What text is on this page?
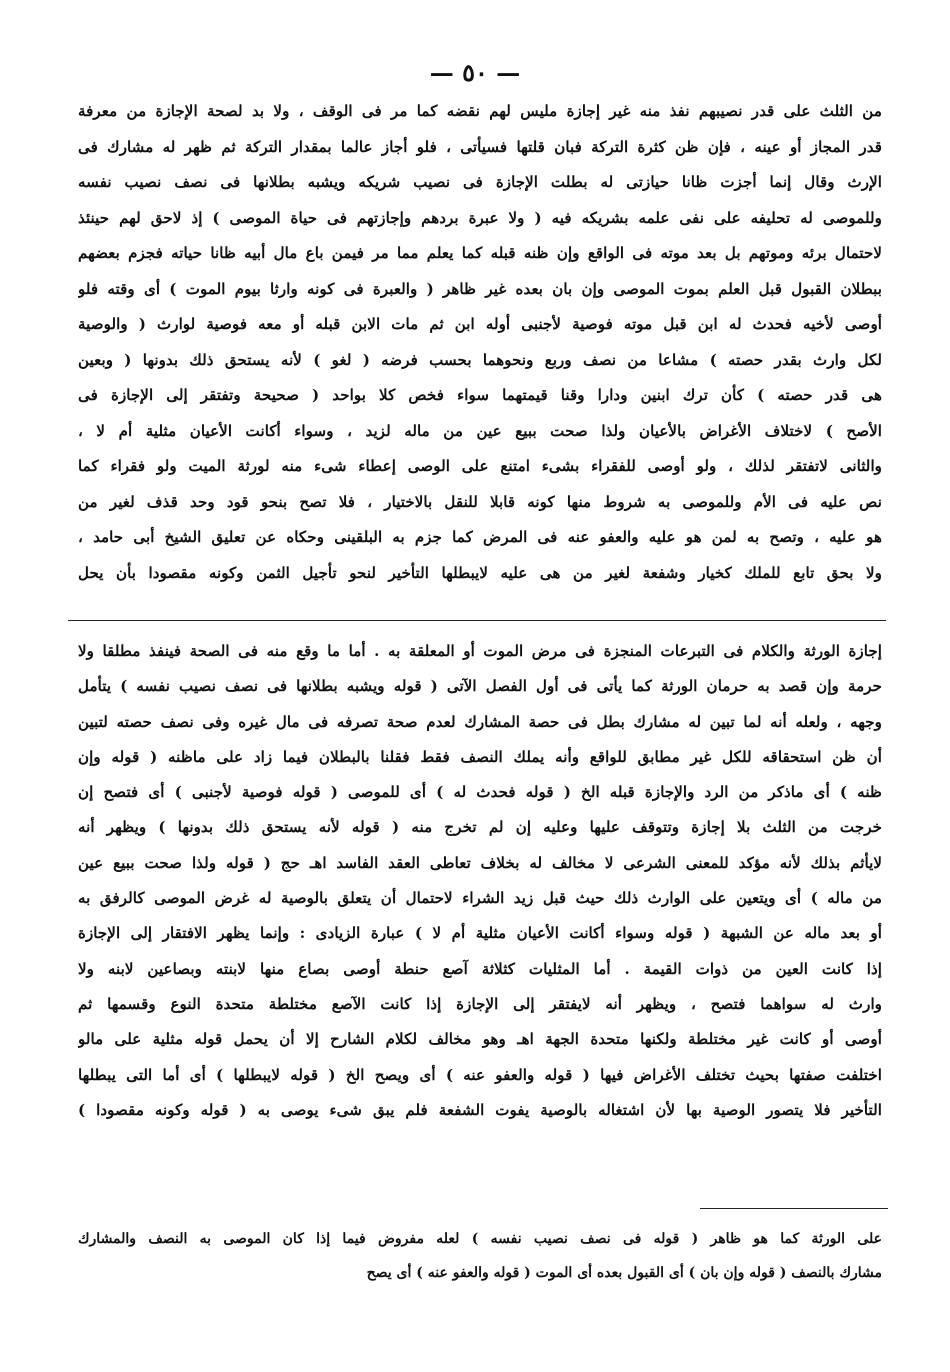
— ٥٠ —
من الثلث على قدر نصيبهم نفذ منه غير إجازة مليس لهم نقضه كما مر فى الوقف ، ولا بد لصحة الإجازة من معرفة
قدر المجاز أو عينه ، فإن ظن كثرة التركة فبان قلتها فسيأتى ، فلو أجاز عالما بمقدار التركة ثم ظهر له مشارك فى
الإرث وقال إنما أجزت ظانا حيازتى له بطلت الإجازة فى نصيب شريكه ويشبه بطلانها فى نصف نصيب نفسه
وللموصى له تحليفه على نفى علمه بشريكه فيه ( ولا عبرة بردهم وإجازتهم فى حياة الموصى ) إذ لاحق لهم حينئذ
لاحتمال برئه وموتهم بل بعد موته فى الواقع وإن ظنه قبله كما يعلم مما مر فيمن باع مال أبيه ظانا حياته فجزم بعضهم
ببطلان القبول قبل العلم بموت الموصى وإن بان بعده غير ظاهر ( والعبرة فى كونه وارثا بيوم الموت ) أى وقته فلو
أوصى لأخيه فحدث له ابن قبل موته فوصية لأجنبى أوله ابن ثم مات الابن قبله أو معه فوصية لوارث ( والوصية
لكل وارث بقدر حصته ) مشاعا من نصف وربع ونحوهما بحسب فرضه ( لغو ) لأنه يستحق ذلك بدونها ( وبعين
هى قدر حصته ) كأن ترك ابنين ودارا وقنا قيمتهما سواء فخص كلا بواحد ( صحيحة وتفتقر إلى الإجازة فى
الأصح ) لاختلاف الأغراض بالأعيان ولذا صحت ببيع عين من ماله لزيد ، وسواء أكانت الأعيان مثلية أم لا ،
والثانى لاتفتقر لذلك ، ولو أوصى للفقراء بشىء امتنع على الوصى إعطاء شىء منه لورثة الميت ولو فقراء كما
نص عليه فى الأم وللموصى به شروط منها كونه قابلا للنقل بالاختيار ، فلا تصح بنحو قود وحد قذف لغير من
هو عليه ، وتصح به لمن هو عليه والعفو عنه فى المرض كما جزم به البلقينى وحكاه عن تعليق الشيخ أبى حامد ،
ولا بحق تابع للملك كخيار وشفعة لغير من هى عليه لايبطلها التأخير لنحو تأجيل الثمن وكونه مقصودا بأن يحل
إجازة الورثة والكلام فى التبرعات المنجزة فى مرض الموت أو المعلقة به . أما ما وقع منه فى الصحة فينفذ مطلقا ولا
حرمة وإن قصد به حرمان الورثة كما يأتى فى أول الفصل الآتى ( قوله ويشبه بطلانها فى نصف نصيب نفسه ) يتأمل
وجهه ، ولعله أنه لما تبين له مشارك بطل فى حصة المشارك لعدم صحة تصرفه فى مال غيره وفى نصف حصته لتبين
أن ظن استحقاقه للكل غير مطابق للواقع وأنه يملك النصف فقط فقلنا بالبطلان فيما زاد على ماظنه ( قوله وإن
ظنه ) أى ماذكر من الرد والإجازة قبله الخ ( قوله فحدث له ) أى للموصى ( قوله فوصية لأجنبى ) أى فتصح إن
خرجت من الثلث بلا إجازة وتتوقف عليها وعليه إن لم تخرج منه ( قوله لأنه يستحق ذلك بدونها ) ويظهر أنه
لايأثم بذلك لأنه مؤكد للمعنى الشرعى لا مخالف له بخلاف تعاطى العقد الفاسد اهـ حج ( قوله ولذا صحت ببيع عين
من ماله ) أى ويتعين على الوارث ذلك حيث قبل زيد الشراء لاحتمال أن يتعلق بالوصية له غرض الموصى كالرفق به
أو بعد ماله عن الشبهة ( قوله وسواء أكانت الأعيان مثلية أم لا ) عبارة الزيادى : وإنما يظهر الافتقار إلى الإجازة
إذا كانت العين من ذوات القيمة . أما المثليات كثلاثة آصع حنطة أوصى بصاع منها لابنته وبصاعين لابنه ولا
وارث له سواهما فتصح ، ويظهر أنه لايفتقر إلى الإجازة إذا كانت الآصع مختلطة متحدة النوع وقسمها ثم
أوصى أو كانت غير مختلطة ولكنها متحدة الجهة اهـ وهو مخالف لكلام الشارح إلا أن يحمل قوله مثلية على مالو
اختلفت صفتها بحيث تختلف الأغراض فيها ( قوله والعفو عنه ) أى ويصح الخ ( قوله لايبطلها ) أى أما التى يبطلها
التأخير فلا يتصور الوصية بها لأن اشتغاله بالوصية يفوت الشفعة فلم يبق شىء يوصى به ( قوله وكونه مقصودا )
على الورثة كما هو ظاهر ( قوله فى نصف نصيب نفسه ) لعله مفروض فيما إذا كان الموصى به النصف والمشارك
مشارك بالنصف ( قوله وإن بان ) أى القبول بعده أى الموت ( قوله والعفو عنه ) أى يصح
